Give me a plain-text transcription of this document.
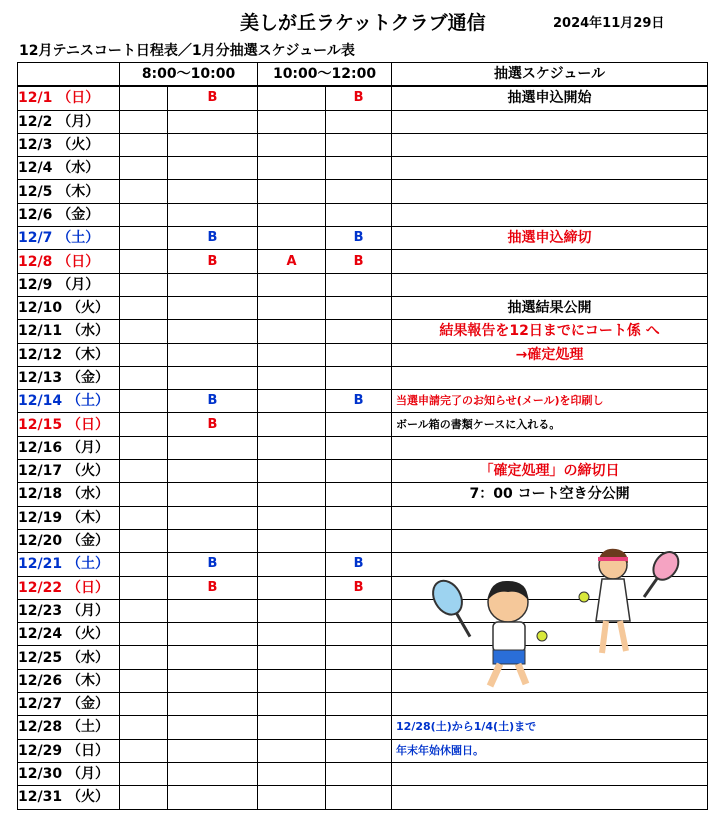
美しが丘ラケットクラブ通信	2024年11月29日
12月テニスコート日程表／1月分抽選スケジュール表
	8:00〜10:00		10:00〜12:00		抽選スケジュール
12/1 （日）		B		B	抽選申込開始
12/2 （月）					
12/3 （火）					
12/4 （水）					
12/5 （木）					
12/6 （金）					
12/7 （土）		B		B	抽選申込締切
12/8 （日）		B	A	B	
12/9 （月）					
12/10 （火）					抽選結果公開
12/11 （水）					結果報告を12日までにコート係 へ
12/12 （木）					→確定処理
12/13 （金）					
12/14 （土）		B		B	当選申請完了のお知らせ(メール)を印刷し
12/15 （日）		B			ボール箱の書類ケースに入れる。
12/16 （月）					
12/17 （火）					「確定処理」の締切日
12/18 （水）					7：00 コート空き分公開
12/19 （木）					
12/20 （金）					
12/21 （土）		B		B	
12/22 （日）		B		B	
12/23 （月）					
12/24 （火）					
12/25 （水）					
12/26 （木）					
12/27 （金）					
12/28 （土）					12/28(土)から1/4(土)まで
12/29 （日）					年末年始休園日。
12/30 （月）					
12/31 （火）					
